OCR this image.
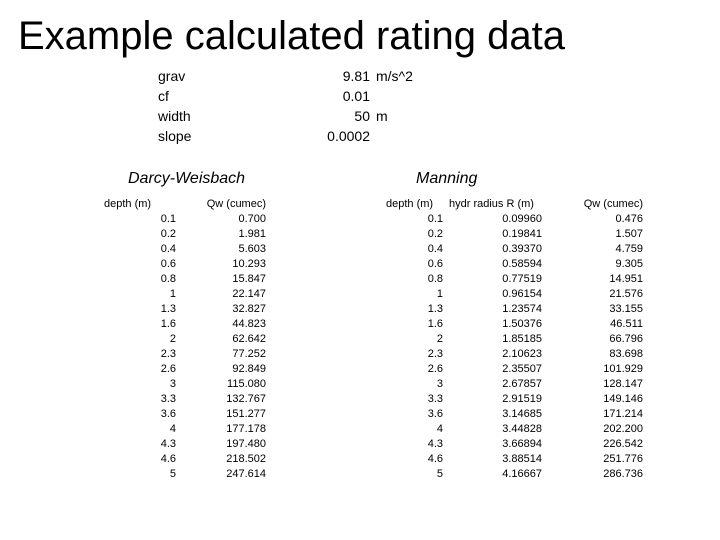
Example calculated rating data
grav	9.81 m/s^2
cf	0.01
width	50 m
slope	0.0002
Darcy-Weisbach	Manning
depth (m)	Qw (cumec)
0.1	0.700
0.2	1.981
0.4	5.603
0.6	10.293
0.8	15.847
1	22.147
1.3	32.827
1.6	44.823
2	62.642
2.3	77.252
2.6	92.849
3	115.080
3.3	132.767
3.6	151.277
4	177.178
4.3	197.480
4.6	218.502
5	247.614
depth (m)	hydr radius R (m)	Qw (cumec)
0.1	0.09960	0.476
0.2	0.19841	1.507
0.4	0.39370	4.759
0.6	0.58594	9.305
0.8	0.77519	14.951
1	0.96154	21.576
1.3	1.23574	33.155
1.6	1.50376	46.511
2	1.85185	66.796
2.3	2.10623	83.698
2.6	2.35507	101.929
3	2.67857	128.147
3.3	2.91519	149.146
3.6	3.14685	171.214
4	3.44828	202.200
4.3	3.66894	226.542
4.6	3.88514	251.776
5	4.16667	286.736
